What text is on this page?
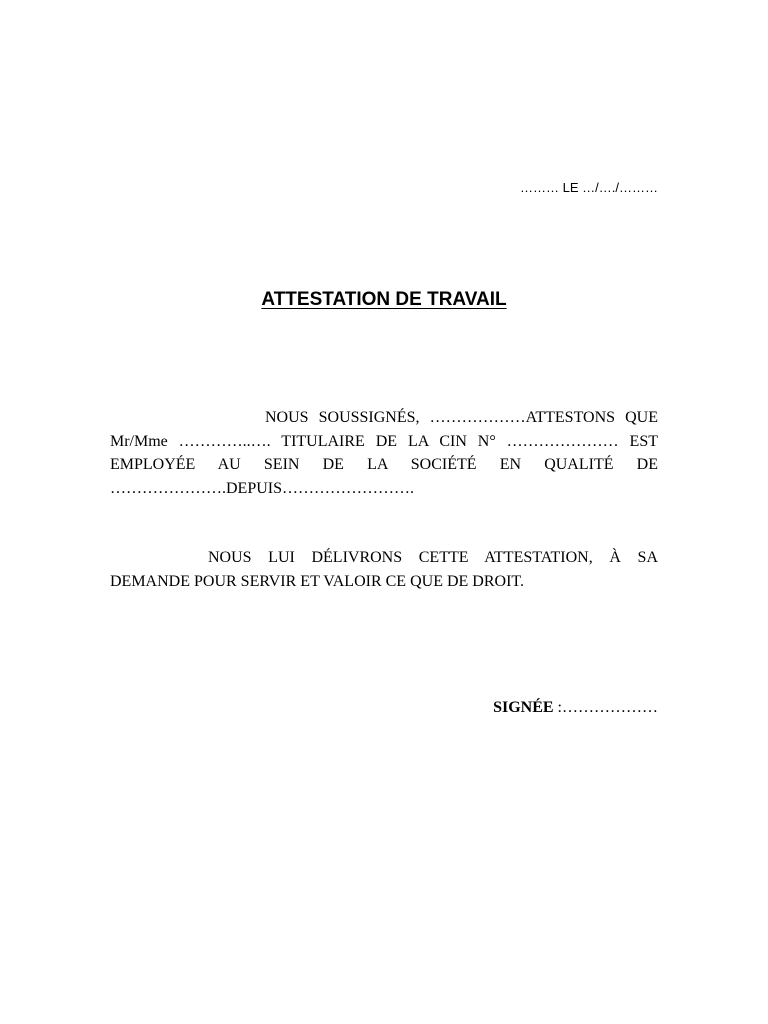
……… LE …/…./………
ATTESTATION DE TRAVAIL
NOUS SOUSSIGNÉS, ………………ATTESTONS QUE Mr/Mme …………..…. TITULAIRE DE LA CIN N° ………………… EST EMPLOYÉE AU SEIN DE LA SOCIÉTÉ EN QUALITÉ DE ………………….DEPUIS…………………….
NOUS LUI DÉLIVRONS CETTE ATTESTATION, À SA DEMANDE POUR SERVIR ET VALOIR CE QUE DE DROIT.
SIGNÉE :………………
